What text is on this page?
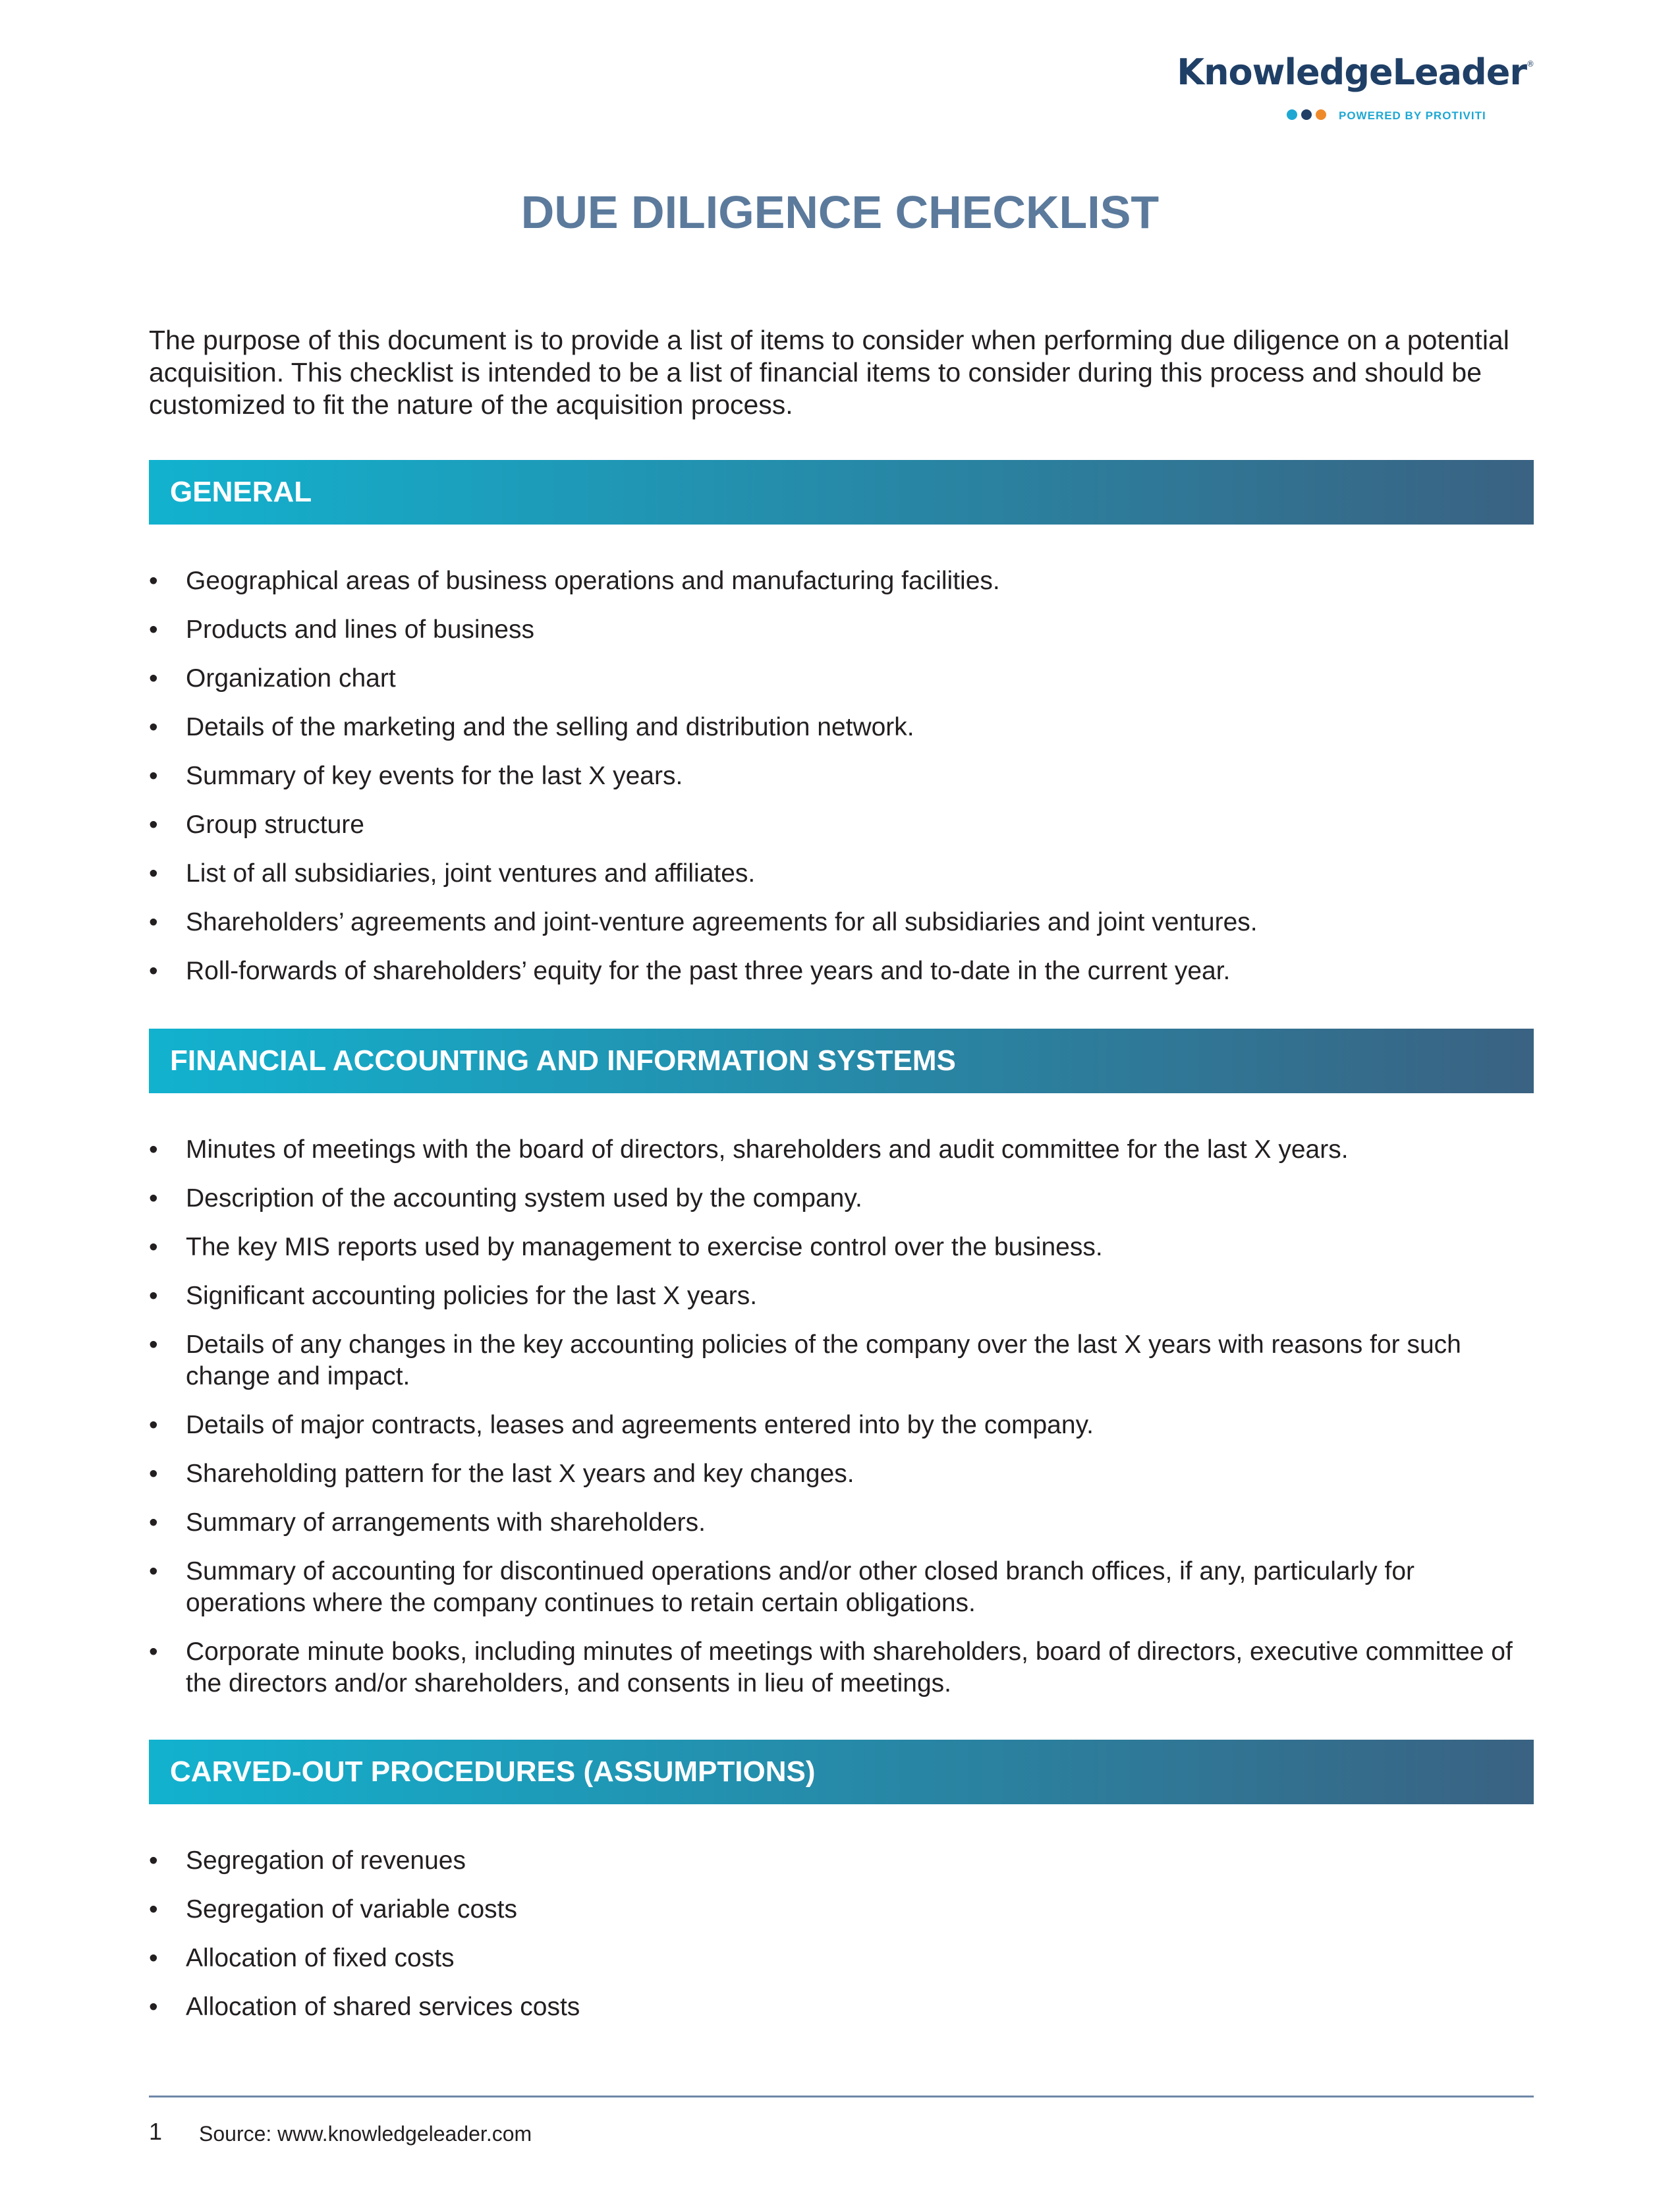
KnowledgeLeader®
POWERED BY PROTIVITI
DUE DILIGENCE CHECKLIST

The purpose of this document is to provide a list of items to consider when performing due diligence on a potential acquisition. This checklist is intended to be a list of financial items to consider during this process and should be customized to fit the nature of the acquisition process.

GENERAL
• Geographical areas of business operations and manufacturing facilities.
• Products and lines of business
• Organization chart
• Details of the marketing and the selling and distribution network.
• Summary of key events for the last X years.
• Group structure
• List of all subsidiaries, joint ventures and affiliates.
• Shareholders’ agreements and joint-venture agreements for all subsidiaries and joint ventures.
• Roll-forwards of shareholders’ equity for the past three years and to-date in the current year.
FINANCIAL ACCOUNTING AND INFORMATION SYSTEMS
• Minutes of meetings with the board of directors, shareholders and audit committee for the last X years.
• Description of the accounting system used by the company.
• The key MIS reports used by management to exercise control over the business.
• Significant accounting policies for the last X years.
• Details of any changes in the key accounting policies of the company over the last X years with reasons for such change and impact.
• Details of major contracts, leases and agreements entered into by the company.
• Shareholding pattern for the last X years and key changes.
• Summary of arrangements with shareholders.
• Summary of accounting for discontinued operations and/or other closed branch offices, if any, particularly for operations where the company continues to retain certain obligations.
• Corporate minute books, including minutes of meetings with shareholders, board of directors, executive committee of the directors and/or shareholders, and consents in lieu of meetings.
CARVED-OUT PROCEDURES (ASSUMPTIONS)
• Segregation of revenues
• Segregation of variable costs
• Allocation of fixed costs
• Allocation of shared services costs
1 Source: www.knowledgeleader.com
